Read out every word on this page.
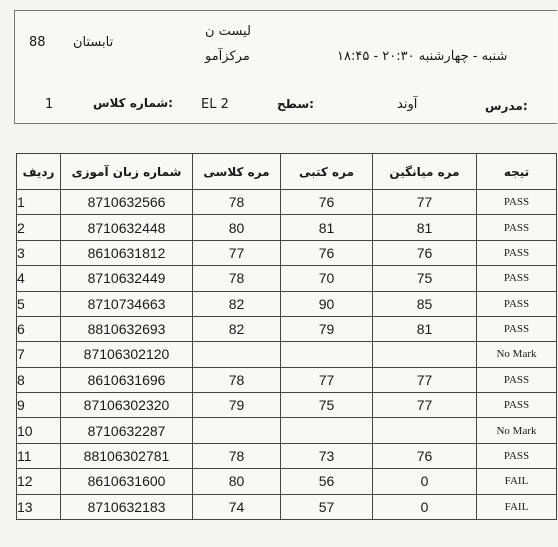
88 تابستان
لیست ن
مرکزآمو	شنبه - چهارشنبه ۲۰:۳۰ - ۱۸:۴۵
1	شماره کلاس: EL 2	سطح:	آوند	مدرس:
ردیف	شماره زبان آموزی	مره کلاسی	مره کتبی	مره میانگین	تیجه
1	8710632566	78	76	77	PASS
2	8710632448	80	81	81	PASS
3	8610631812	77	76	76	PASS
4	8710632449	78	70	75	PASS
5	8710734663	82	90	85	PASS
6	8810632693	82	79	81	PASS
7	87106302120				No Mark
8	8610631696	78	77	77	PASS
9	87106302320	79	75	77	PASS
10	8710632287				No Mark
11	88106302781	78	73	76	PASS
12	8610631600	80	56	0	FAIL
13	8710632183	74	57	0	FAIL
